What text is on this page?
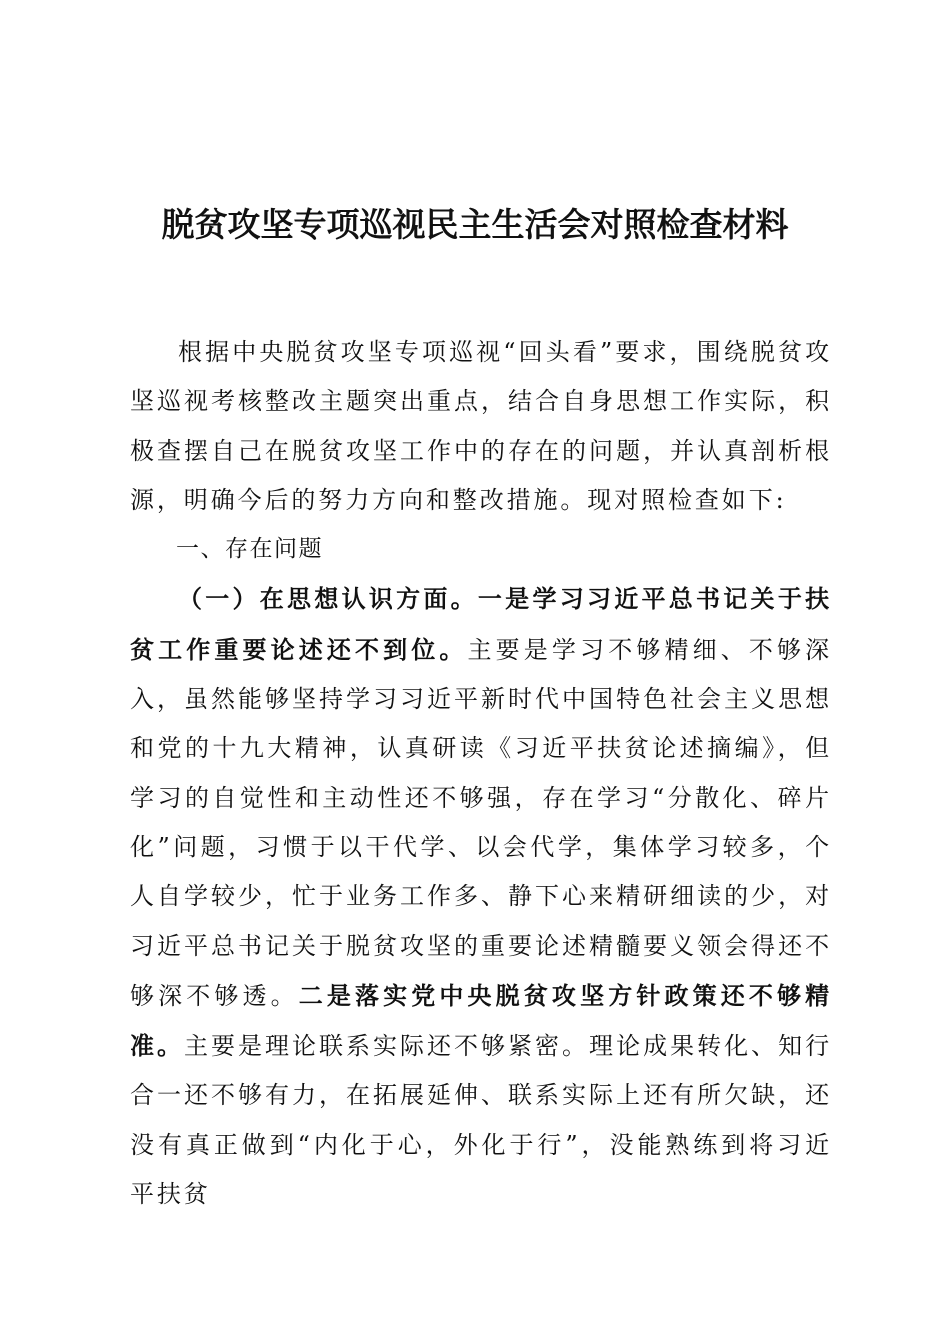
脱贫攻坚专项巡视民主生活会对照检查材料

根据中央脱贫攻坚专项巡视“回头看”要求，围绕脱贫攻坚巡视考核整改主题突出重点，结合自身思想工作实际，积极查摆自己在脱贫攻坚工作中的存在的问题，并认真剖析根源，明确今后的努力方向和整改措施。现对照检查如下:

一、存在问题

（一）在思想认识方面。一是学习习近平总书记关于扶贫工作重要论述还不到位。主要是学习不够精细、不够深入，虽然能够坚持学习习近平新时代中国特色社会主义思想和党的十九大精神，认真研读《习近平扶贫论述摘编》，但学习的自觉性和主动性还不够强，存在学习“分散化、碎片化”问题，习惯于以干代学、以会代学，集体学习较多，个人自学较少，忙于业务工作多、静下心来精研细读的少，对习近平总书记关于脱贫攻坚的重要论述精髓要义领会得还不够深不够透。二是落实党中央脱贫攻坚方针政策还不够精准。主要是理论联系实际还不够紧密。理论成果转化、知行合一还不够有力，在拓展延伸、联系实际上还有所欠缺，还没有真正做到“内化于心，外化于行”，没能熟练到将习近平扶贫
